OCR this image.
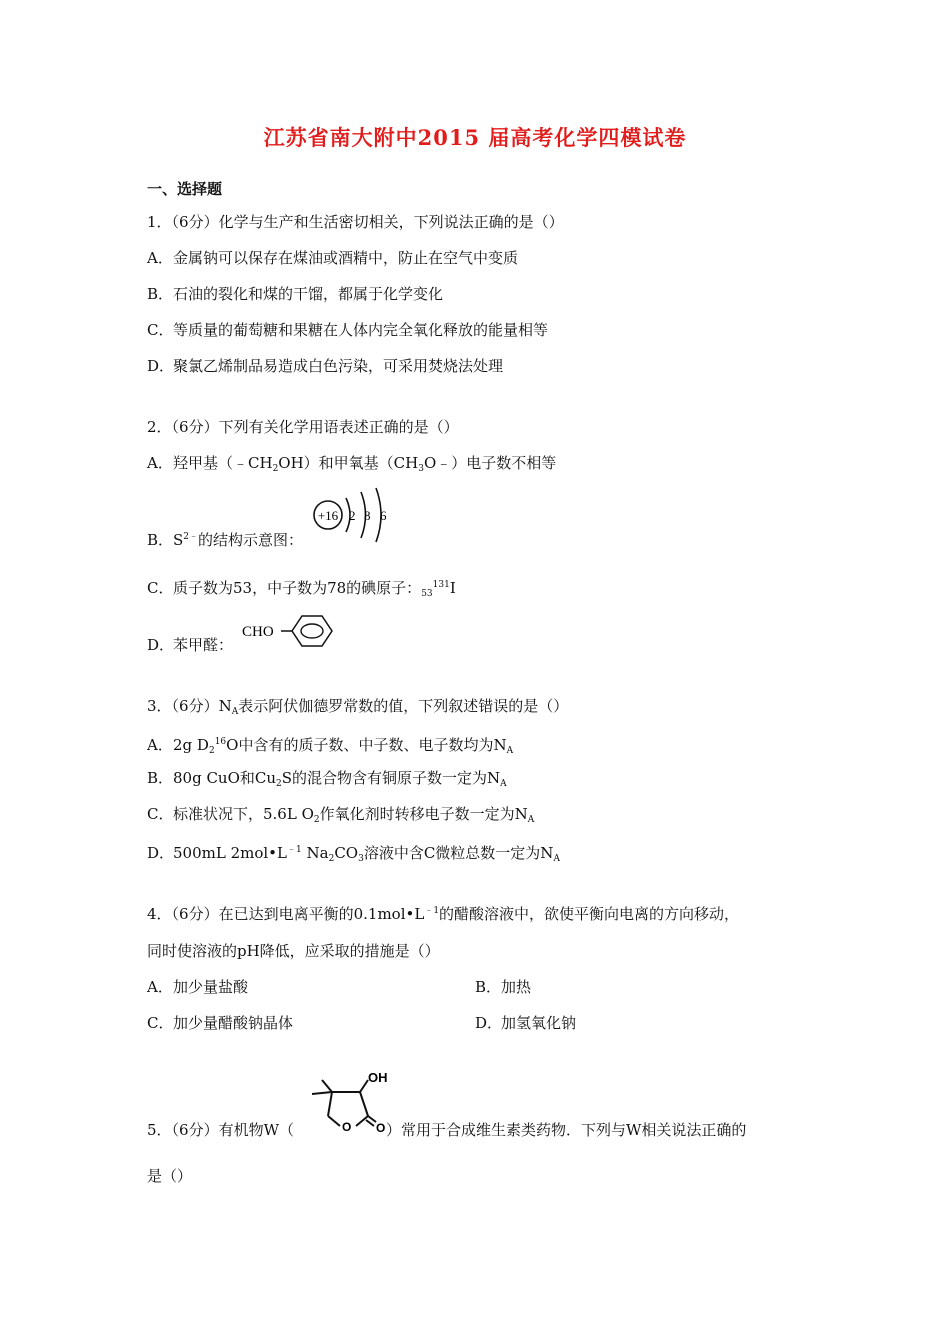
江苏省南大附中2015 届高考化学四模试卷
一、选择题
1．（6分）化学与生产和生活密切相关，下列说法正确的是（）
A．金属钠可以保存在煤油或酒精中，防止在空气中变质
B．石油的裂化和煤的干馏，都属于化学变化
C．等质量的葡萄糖和果糖在人体内完全氧化释放的能量相等
D．聚氯乙烯制品易造成白色污染，可采用焚烧法处理
2．（6分）下列有关化学用语表述正确的是（）
A．羟甲基$(﹣CH_2OH)$和甲氧基$(CH_3O﹣)$电子数不相等
B．$S^{2﹣}$的结构示意图：
+16 2 8 6
C．质子数为53，中子数为78的碘原子：$_{53}^{131}$I
D．苯甲醛：
CHO
3．（6分）$N_A$表示阿伏伽德罗常数的值，下列叙述错误的是（）
A．2g $D_2^{16}O$中含有的质子数、中子数、电子数均为$N_A$
B．80g CuO和$Cu_2S$的混合物含有铜原子数一定为$N_A$
C．标准状况下，5.6L $O_2$作氧化剂时转移电子数一定为$N_A$
D．500mL $2mol•L^{﹣1}$ $Na_2CO_3$溶液中含C微粒总数一定为$N_A$
4．（6分）在已达到电离平衡的$0.1mol•L^{﹣1}$的醋酸溶液中，欲使平衡向电离的方向移动，
同时使溶液的pH降低，应采取的措施是（）
A．加少量盐酸	B．加热
C．加少量醋酸钠晶体	D．加氢氧化钠
5．（6分）有机物W（	）常用于合成维生素类药物．下列与W相关说法正确的
OH
O O
是（）
